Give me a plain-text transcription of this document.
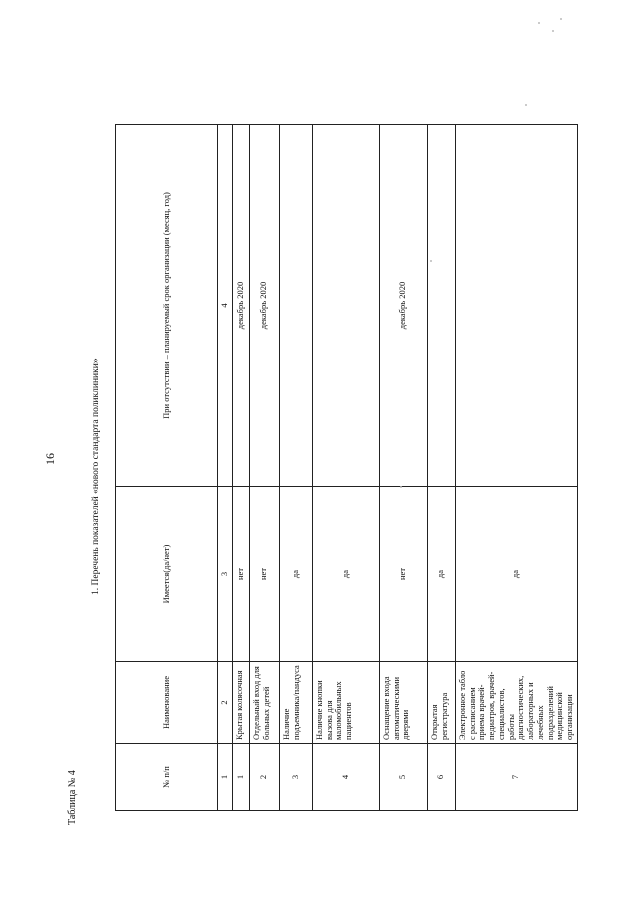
16
Таблица № 4
1. Перечень показателей «нового стандарта поликлиники»
№ п/п	Наименование	Имеется(да/нет)	При отсутствии – планируемый срок организации (месяц, год)
1	2	3	4
1	Крытая колясочная	нет	декабрь 2020
2	Отдельный вход для больных детей	нет	декабрь 2020
3	Наличие подъемника/пандуса	да	
4	Наличие кнопки вызова для маломобильных пациентов	да	
5	Оснащение входа автоматическими дверями	нет	декабрь 2020
6	Открытая регистратура	да	
7	Электронное табло с расписанием приема врачей-педиатров, врачей-специалистов, работы диагностических, лабораторных и лечебных подразделений медицинской организации	да	
